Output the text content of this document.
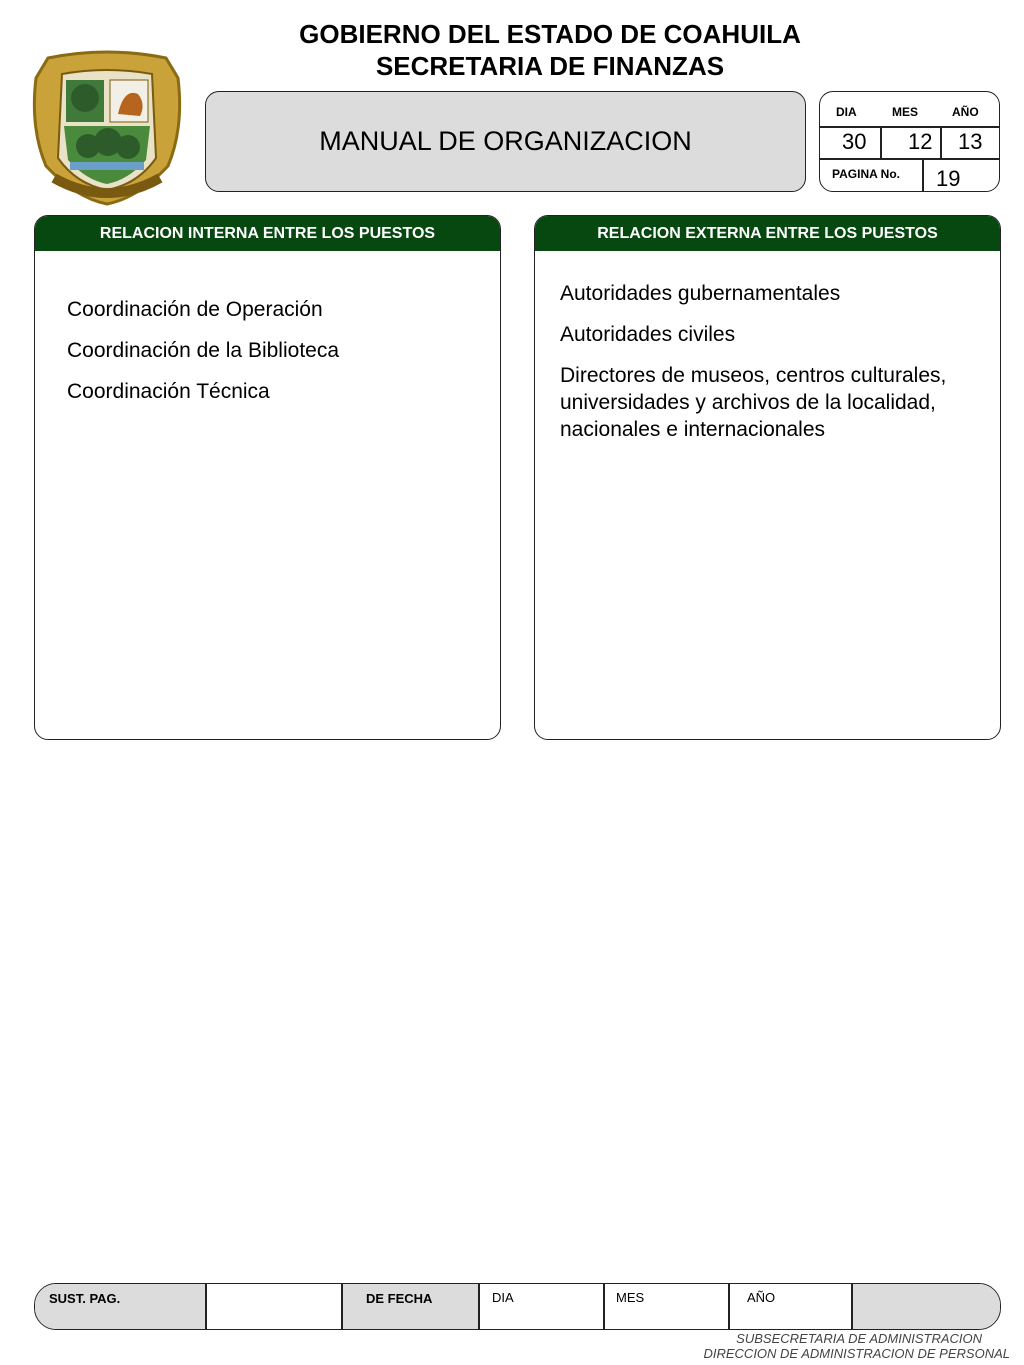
GOBIERNO DEL ESTADO DE COAHUILA
SECRETARIA DE FINANZAS
MANUAL DE ORGANIZACION
DIA	MES	AÑO
30 12 13
PAGINA No. 19
RELACION INTERNA ENTRE LOS PUESTOS
Coordinación de Operación
Coordinación de la Biblioteca
Coordinación Técnica
RELACION EXTERNA ENTRE LOS PUESTOS
Autoridades gubernamentales
Autoridades civiles
Directores de museos, centros culturales, universidades y archivos de la localidad, nacionales e internacionales
SUST. PAG.	DE FECHA	DIA	MES	AÑO
SUBSECRETARIA DE ADMINISTRACION
DIRECCION DE ADMINISTRACION DE PERSONAL
